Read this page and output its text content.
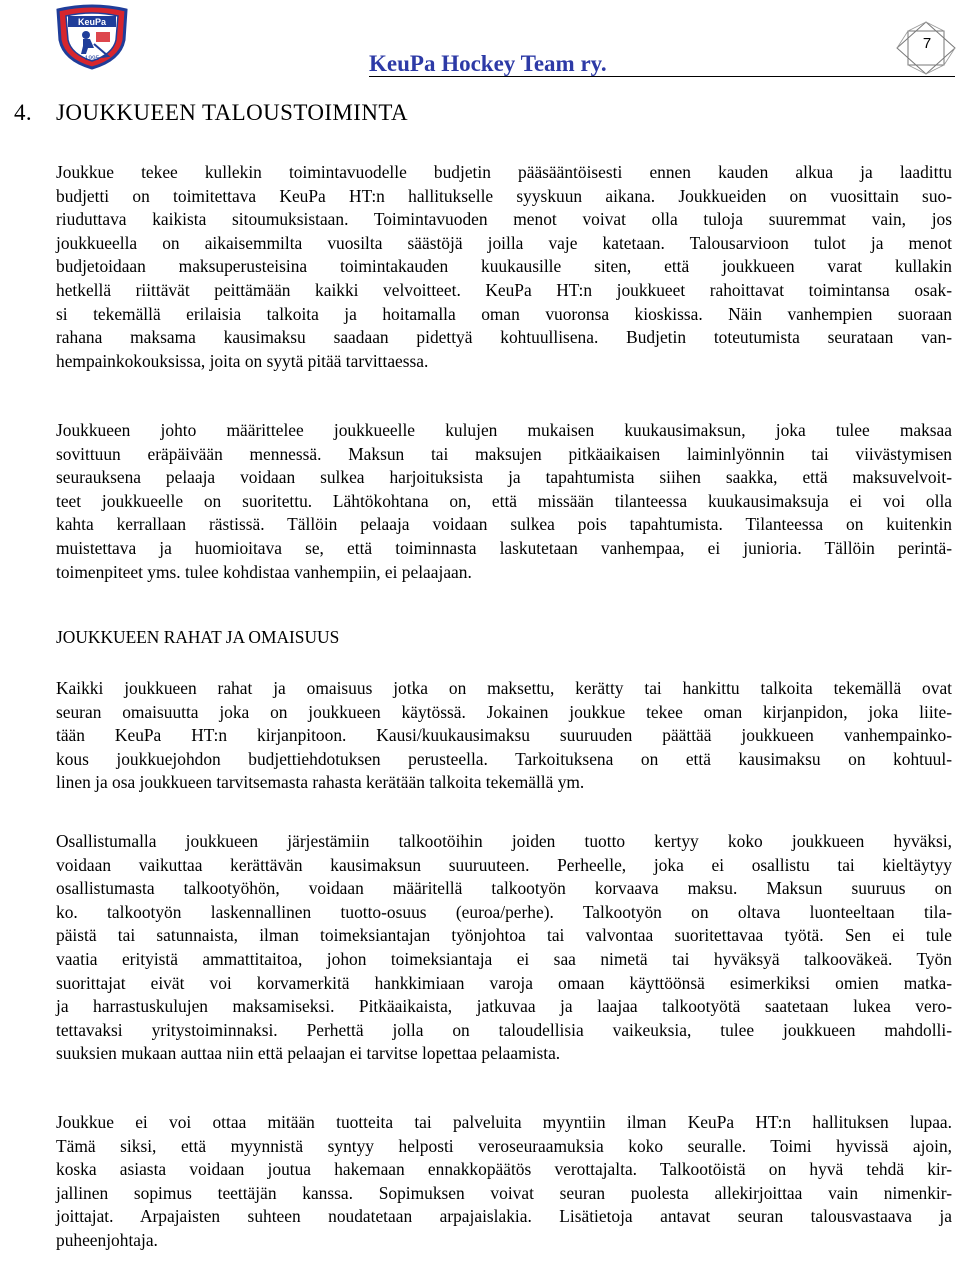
KeuPa
1995	KeuPa Hockey Team ry.
7
4. JOUKKUEEN TALOUSTOIMINTA
Joukkue tekee kullekin toimintavuodelle budjetin pääsääntöisesti ennen kauden alkua ja laadittu
budjetti on toimitettava KeuPa HT:n hallitukselle syyskuun aikana. Joukkueiden on vuosittain suo-
riuduttava kaikista sitoumuksistaan. Toimintavuoden menot voivat olla tuloja suuremmat vain, jos
joukkueella on aikaisemmilta vuosilta säästöjä joilla vaje katetaan. Talousarvioon tulot ja menot
budjetoidaan maksuperusteisina toimintakauden kuukausille siten, että joukkueen varat kullakin
hetkellä riittävät peittämään kaikki velvoitteet. KeuPa HT:n joukkueet rahoittavat toimintansa osak-
si tekemällä erilaisia talkoita ja hoitamalla oman vuoronsa kioskissa. Näin vanhempien suoraan
rahana maksama kausimaksu saadaan pidettyä kohtuullisena. Budjetin toteutumista seurataan van-
hempainkokouksissa, joita on syytä pitää tarvittaessa.
Joukkueen johto määrittelee joukkueelle kulujen mukaisen kuukausimaksun, joka tulee maksaa
sovittuun eräpäivään mennessä. Maksun tai maksujen pitkäaikaisen laiminlyönnin tai viivästymisen
seurauksena pelaaja voidaan sulkea harjoituksista ja tapahtumista siihen saakka, että maksuvelvoit-
teet joukkueelle on suoritettu. Lähtökohtana on, että missään tilanteessa kuukausimaksuja ei voi olla
kahta kerrallaan rästissä. Tällöin pelaaja voidaan sulkea pois tapahtumista. Tilanteessa on kuitenkin
muistettava ja huomioitava se, että toiminnasta laskutetaan vanhempaa, ei junioria. Tällöin perintä-
toimenpiteet yms. tulee kohdistaa vanhempiin, ei pelaajaan.
JOUKKUEEN RAHAT JA OMAISUUS
Kaikki joukkueen rahat ja omaisuus jotka on maksettu, kerätty tai hankittu talkoita tekemällä ovat
seuran omaisuutta joka on joukkueen käytössä. Jokainen joukkue tekee oman kirjanpidon, joka liite-
tään KeuPa HT:n kirjanpitoon. Kausi/kuukausimaksu suuruuden päättää joukkueen vanhempainko-
kous joukkuejohdon budjettiehdotuksen perusteella. Tarkoituksena on että kausimaksu on kohtuul-
linen ja osa joukkueen tarvitsemasta rahasta kerätään talkoita tekemällä ym.
Osallistumalla joukkueen järjestämiin talkootöihin joiden tuotto kertyy koko joukkueen hyväksi,
voidaan vaikuttaa kerättävän kausimaksun suuruuteen. Perheelle, joka ei osallistu tai kieltäytyy
osallistumasta talkootyöhön, voidaan määritellä talkootyön korvaava maksu. Maksun suuruus on
ko. talkootyön laskennallinen tuotto-osuus (euroa/perhe). Talkootyön on oltava luonteeltaan tila-
päistä tai satunnaista, ilman toimeksiantajan työnjohtoa tai valvontaa suoritettavaa työtä. Sen ei tule
vaatia erityistä ammattitaitoa, johon toimeksiantaja ei saa nimetä tai hyväksyä talkooväkeä. Työn
suorittajat eivät voi korvamerkitä hankkimiaan varoja omaan käyttöönsä esimerkiksi omien matka-
ja harrastuskulujen maksamiseksi. Pitkäaikaista, jatkuvaa ja laajaa talkootyötä saatetaan lukea vero-
tettavaksi yritystoiminnaksi. Perhettä jolla on taloudellisia vaikeuksia, tulee joukkueen mahdolli-
suuksien mukaan auttaa niin että pelaajan ei tarvitse lopettaa pelaamista.
Joukkue ei voi ottaa mitään tuotteita tai palveluita myyntiin ilman KeuPa HT:n hallituksen lupaa.
Tämä siksi, että myynnistä syntyy helposti veroseuraamuksia koko seuralle. Toimi hyvissä ajoin,
koska asiasta voidaan joutua hakemaan ennakkopäätös verottajalta. Talkootöistä on hyvä tehdä kir-
jallinen sopimus teettäjän kanssa. Sopimuksen voivat seuran puolesta allekirjoittaa vain nimenkir-
joittajat. Arpajaisten suhteen noudatetaan arpajaislakia. Lisätietoja antavat seuran talousvastaava ja
puheenjohtaja.
